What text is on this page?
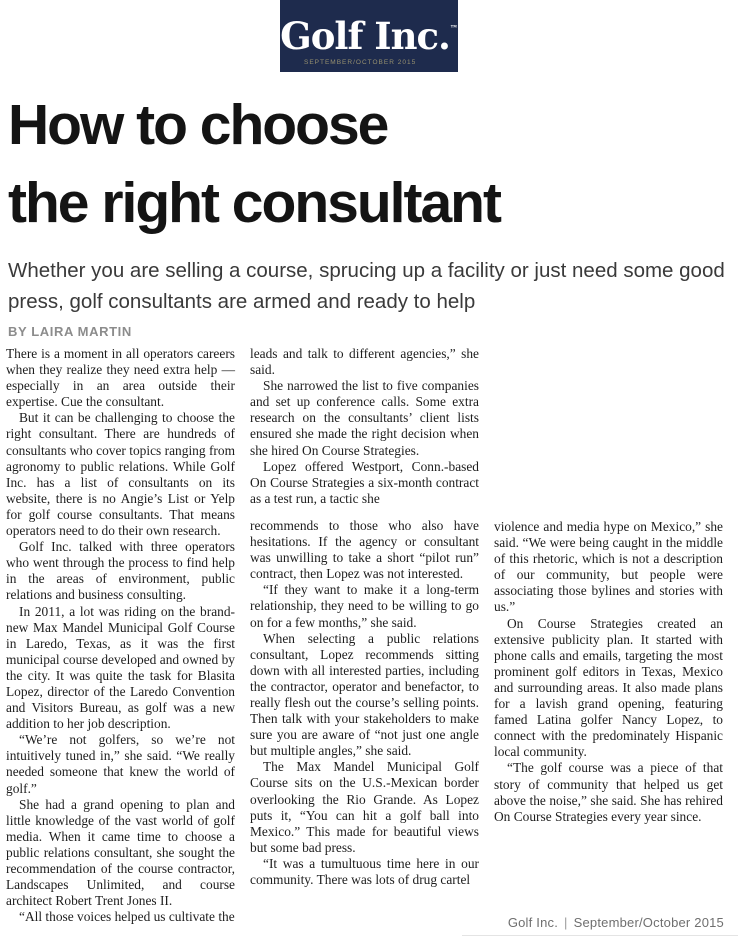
Golf Inc.™
SEPTEMBER/OCTOBER 2015
How to choose
the right consultant

Whether you are selling a course, sprucing up a facility or just need some good press, golf consultants are armed and ready to help

BY LAIRA MARTIN

There is a moment in all operators careers when they realize they need extra help — especially in an area outside their expertise. Cue the consultant.

But it can be challenging to choose the right consultant. There are hundreds of consultants who cover topics ranging from agronomy to public relations. While Golf Inc. has a list of consultants on its website, there is no Angie’s List or Yelp for golf course consultants. That means operators need to do their own research.

Golf Inc. talked with three operators who went through the process to find help in the areas of environment, public relations and business consulting.

In 2011, a lot was riding on the brand-new Max Mandel Municipal Golf Course in Laredo, Texas, as it was the first municipal course developed and owned by the city. It was quite the task for Blasita Lopez, director of the Laredo Convention and Visitors Bureau, as golf was a new addition to her job description.

“We’re not golfers, so we’re not intuitively tuned in,” she said. “We really needed someone that knew the world of golf.”

She had a grand opening to plan and little knowledge of the vast world of golf media. When it came time to choose a public relations consultant, she sought the recommendation of the course contractor, Landscapes Unlimited, and course architect Robert Trent Jones II.

“All those voices helped us cultivate the

leads and talk to different agencies,” she said.

She narrowed the list to five companies and set up conference calls. Some extra research on the consultants’ client lists ensured she made the right decision when she hired On Course Strategies.

Lopez offered Westport, Conn.-based On Course Strategies a six-month contract as a test run, a tactic she

recommends to those who also have hesitations. If the agency or consultant was unwilling to take a short “pilot run” contract, then Lopez was not interested.

“If they want to make it a long-term relationship, they need to be willing to go on for a few months,” she said.

When selecting a public relations consultant, Lopez recommends sitting down with all interested parties, including the contractor, operator and benefactor, to really flesh out the course’s selling points. Then talk with your stakeholders to make sure you are aware of “not just one angle but multiple angles,” she said.

The Max Mandel Municipal Golf Course sits on the U.S.-Mexican border overlooking the Rio Grande. As Lopez puts it, “You can hit a golf ball into Mexico.” This made for beautiful views but some bad press.

“It was a tumultuous time here in our community. There was lots of drug cartel

violence and media hype on Mexico,” she said. “We were being caught in the middle of this rhetoric, which is not a description of our community, but people were associating those bylines and stories with us.”

On Course Strategies created an extensive publicity plan. It started with phone calls and emails, targeting the most prominent golf editors in Texas, Mexico and surrounding areas. It also made plans for a lavish grand opening, featuring famed Latina golfer Nancy Lopez, to connect with the predominately Hispanic local community.

“The golf course was a piece of that story of community that helped us get above the noise,” she said. She has rehired On Course Strategies every year since.

Golf Inc. | September/October 2015
